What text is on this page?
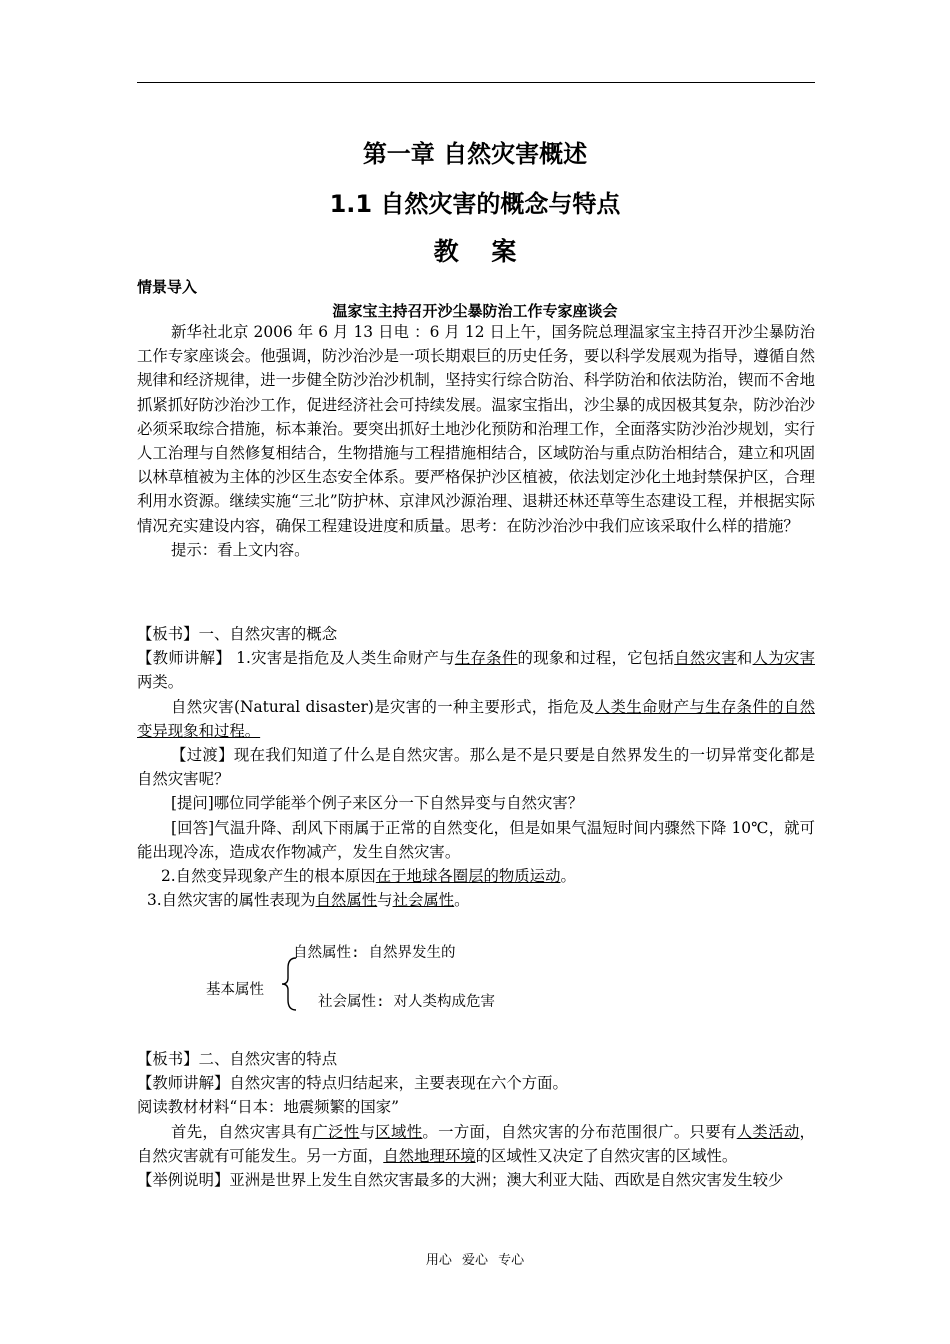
第一章 自然灾害概述
1.1 自然灾害的概念与特点
教 案
情景导入
温家宝主持召开沙尘暴防治工作专家座谈会

新华社北京 2006 年 6 月 13 日电 ：6 月 12 日上午，国务院总理温家宝主持召开沙尘暴防治工作专家座谈会。他强调，防沙治沙是一项长期艰巨的历史任务，要以科学发展观为指导，遵循自然规律和经济规律，进一步健全防沙治沙机制，坚持实行综合防治、科学防治和依法防治，锲而不舍地抓紧抓好防沙治沙工作，促进经济社会可持续发展。温家宝指出，沙尘暴的成因极其复杂，防沙治沙必须采取综合措施，标本兼治。要突出抓好土地沙化预防和治理工作，全面落实防沙治沙规划，实行人工治理与自然修复相结合，生物措施与工程措施相结合，区域防治与重点防治相结合，建立和巩固以林草植被为主体的沙区生态安全体系。要严格保护沙区植被，依法划定沙化土地封禁保护区，合理利用水资源。继续实施“三北”防护林、京津风沙源治理、退耕还林还草等生态建设工程，并根据实际情况充实建设内容，确保工程建设进度和质量。思考：在防沙治沙中我们应该采取什么样的措施？

提示：看上文内容。

【板书】一、自然灾害的概念

【教师讲解】 1.灾害是指危及人类生命财产与生存条件的现象和过程，它包括自然灾害和人为灾害两类。

自然灾害(Natural disaster)是灾害的一种主要形式，指危及人类生命财产与生存条件的自然变异现象和过程。

【过渡】现在我们知道了什么是自然灾害。那么是不是只要是自然界发生的一切异常变化都是自然灾害呢？

[提问]哪位同学能举个例子来区分一下自然异变与自然灾害？

[回答]气温升降、刮风下雨属于正常的自然变化，但是如果气温短时间内骤然下降 10℃，就可能出现冷冻，造成农作物减产，发生自然灾害。

2.自然变异现象产生的根本原因在于地球各圈层的物质运动。

3.自然灾害的属性表现为自然属性与社会属性。

自然属性: 自然界发生的
基本属性
社会属性: 对人类构成危害

【板书】二、自然灾害的特点

【教师讲解】自然灾害的特点归结起来，主要表现在六个方面。

阅读教材材料“日本：地震频繁的国家”

首先，自然灾害具有广泛性与区域性。一方面，自然灾害的分布范围很广。只要有人类活动，自然灾害就有可能发生。另一方面，自然地理环境的区域性又决定了自然灾害的区域性。

【举例说明】亚洲是世界上发生自然灾害最多的大洲；澳大利亚大陆、西欧是自然灾害发生较少

用心 爱心 专心
